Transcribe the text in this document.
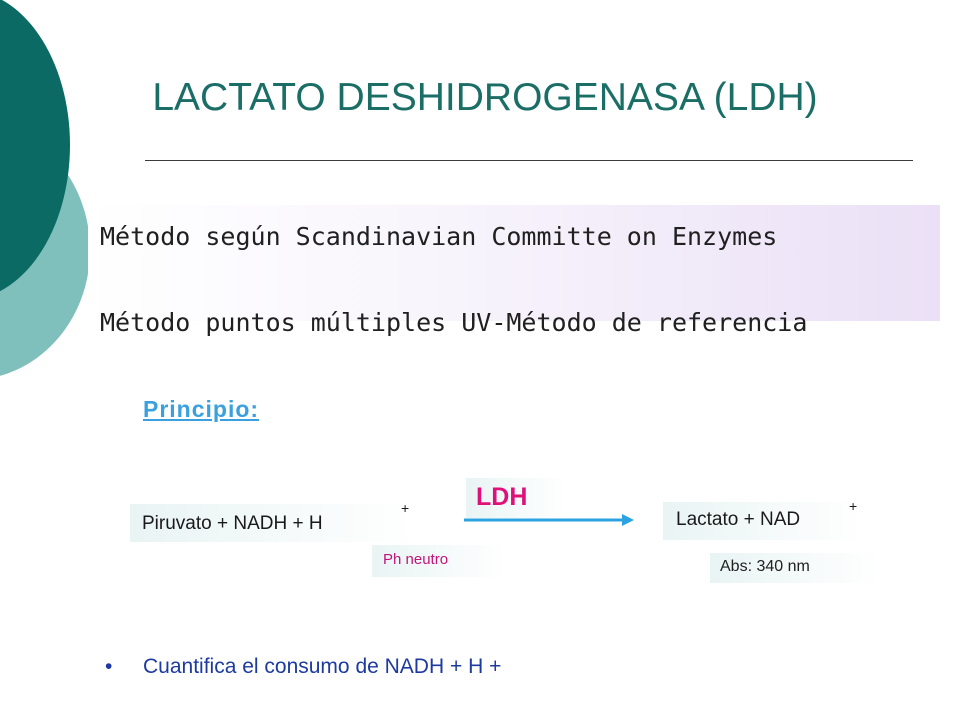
LACTATO DESHIDROGENASA (LDH)
Método según Scandinavian Committe on Enzymes
Método puntos múltiples UV-Método de referencia
Principio:
Piruvato + NADH + H
+	LDH
Ph neutro
Lactato + NAD
+
Abs: 340 nm
• Cuantifica el consumo de NADH + H +
